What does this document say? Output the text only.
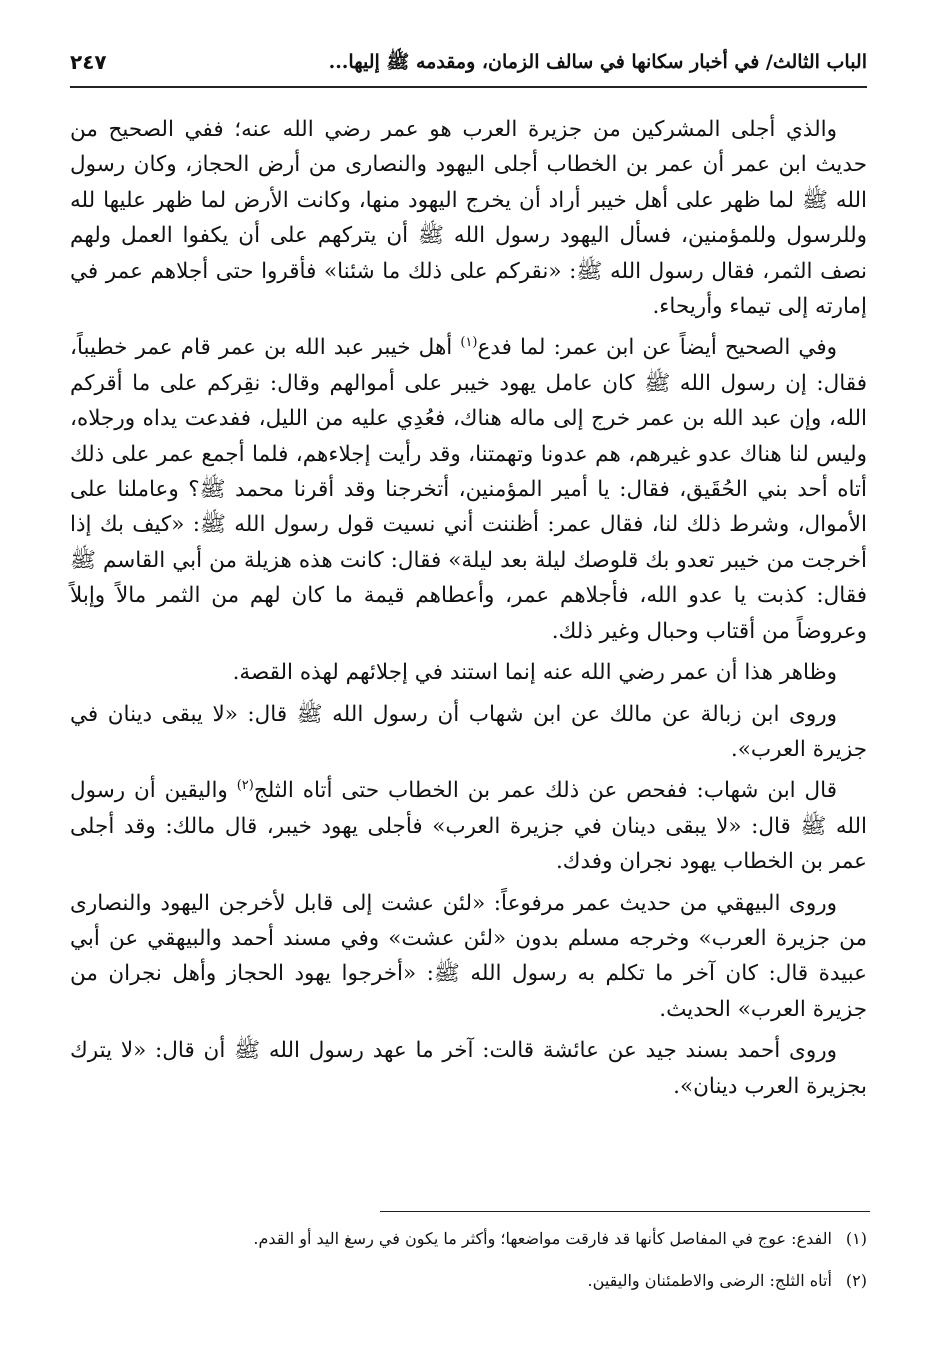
الباب الثالث/ في أخبار سكانها في سالف الزمان، ومقدمه ﷺ إليها...
٢٤٧

والذي أجلى المشركين من جزيرة العرب هو عمر رضي الله عنه؛ ففي الصحيح من حديث ابن عمر أن عمر بن الخطاب أجلى اليهود والنصارى من أرض الحجاز، وكان رسول الله ﷺ لما ظهر على أهل خيبر أراد أن يخرج اليهود منها، وكانت الأرض لما ظهر عليها لله وللرسول وللمؤمنين، فسأل اليهود رسول الله ﷺ أن يتركهم على أن يكفوا العمل ولهم نصف الثمر، فقال رسول الله ﷺ: «نقركم على ذلك ما شئنا» فأقروا حتى أجلاهم عمر في إمارته إلى تيماء وأريحاء.

وفي الصحيح أيضاً عن ابن عمر: لما فدع$^{(١)}$ أهل خيبر عبد الله بن عمر قام عمر خطيباً، فقال: إن رسول الله ﷺ كان عامل يهود خيبر على أموالهم وقال: نقِركم على ما أقركم الله، وإن عبد الله بن عمر خرج إلى ماله هناك، فعُدِي عليه من الليل، ففدعت يداه ورجلاه، وليس لنا هناك عدو غيرهم، هم عدونا وتهمتنا، وقد رأيت إجلاءهم، فلما أجمع عمر على ذلك أتاه أحد بني الحُقَيق، فقال: يا أمير المؤمنين، أتخرجنا وقد أقرنا محمد ﷺ؟ وعاملنا على الأموال، وشرط ذلك لنا، فقال عمر: أظننت أني نسيت قول رسول الله ﷺ: «كيف بك إذا أخرجت من خيبر تعدو بك قلوصك ليلة بعد ليلة» فقال: كانت هذه هزيلة من أبي القاسم ﷺ فقال: كذبت يا عدو الله، فأجلاهم عمر، وأعطاهم قيمة ما كان لهم من الثمر مالاً وإبلاً وعروضاً من أقتاب وحبال وغير ذلك.

وظاهر هذا أن عمر رضي الله عنه إنما استند في إجلائهم لهذه القصة.

وروى ابن زبالة عن مالك عن ابن شهاب أن رسول الله ﷺ قال: «لا يبقى دينان في جزيرة العرب».

قال ابن شهاب: ففحص عن ذلك عمر بن الخطاب حتى أتاه الثلج$^{(٢)}$ واليقين أن رسول الله ﷺ قال: «لا يبقى دينان في جزيرة العرب» فأجلى يهود خيبر، قال مالك: وقد أجلى عمر بن الخطاب يهود نجران وفدك.

وروى البيهقي من حديث عمر مرفوعاً: «لئن عشت إلى قابل لأخرجن اليهود والنصارى من جزيرة العرب» وخرجه مسلم بدون «لئن عشت» وفي مسند أحمد والبيهقي عن أبي عبيدة قال: كان آخر ما تكلم به رسول الله ﷺ: «أخرجوا يهود الحجاز وأهل نجران من جزيرة العرب» الحديث.

وروى أحمد بسند جيد عن عائشة قالت: آخر ما عهد رسول الله ﷺ أن قال: «لا يترك بجزيرة العرب دينان».

(١)الفدع: عوج في المفاصل كأنها قد فارقت مواضعها؛ وأكثر ما يكون في رسغ اليد أو القدم.
(٢)أتاه الثلج: الرضى والاطمئنان واليقين.
